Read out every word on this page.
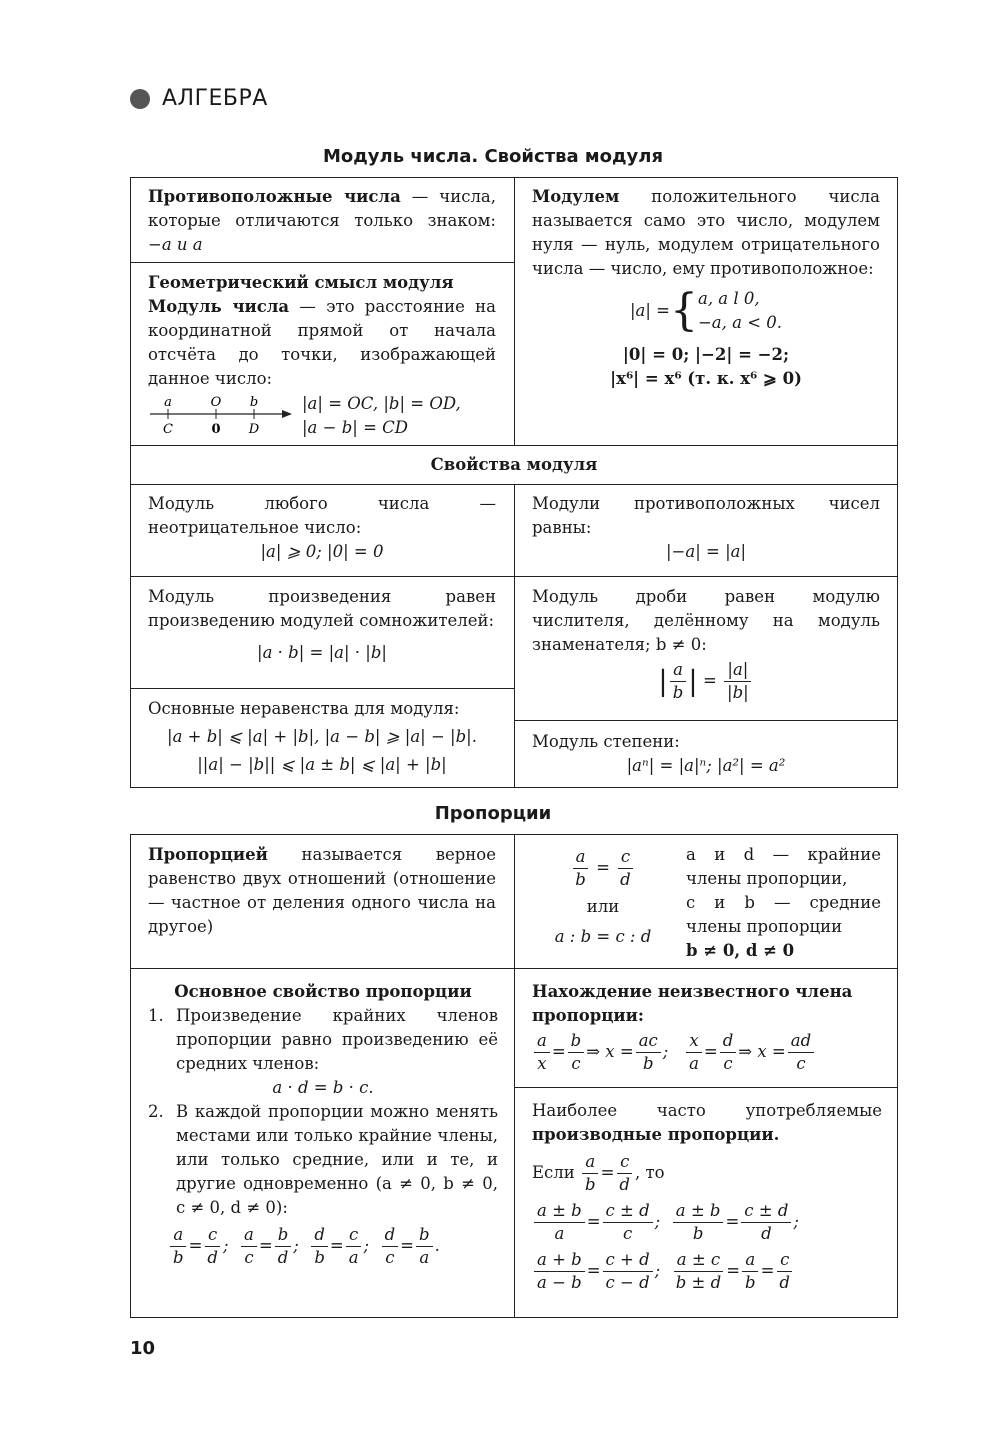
АЛГЕБРА
Модуль числа. Свойства модуля
Противоположные числа — числа, которые отличаются только знаком: −a и a
Геометрический смысл модуля
Модуль числа — это расстояние на координатной прямой от начала отсчёта до точки, изображающей данное число:
a	O b
C	0 D
|a| = OC, |b| = OD,
|a − b| = CD
Модулем положительного числа называется само это число, модулем нуля — нуль, модулем отрицательного числа — число, ему противоположное:
|a| = { a, a l 0,
−a, a < 0.
|0| = 0; |−2| = −2;
|x⁶| = x⁶ (т. к. x⁶ ⩾ 0)
Свойства модуля
Модуль любого числа — неотрицательное число:
|a| ⩾ 0; |0| = 0
Модули противоположных чисел равны:
|−a| = |a|
Модуль произведения равен произведению модулей сомножителей:
|a · b| = |a| · |b|
Модуль дроби равен модулю числителя, делённому на модуль знаменателя; b ≠ 0:
| $\frac{a}{b}$ | = $\frac{|a|}{|b|}$
Основные неравенства для модуля:
|a + b| ⩽ |a| + |b|, |a − b| ⩾ |a| − |b|.
||a| − |b|| ⩽ |a ± b| ⩽ |a| + |b|
Модуль степени:
|aⁿ| = |a|ⁿ; |a²| = a²
Пропорции
Пропорцией называется верное равенство двух отношений (отношение — частное от деления одного числа на другое)
$\frac{a}{b} = \frac{c}{d}$
или
a : b = c : d
a и d — крайние члены пропорции,
c и b — средние члены пропорции
b ≠ 0, d ≠ 0
Основное свойство пропорции
1. Произведение крайних членов пропорции равно произведению её средних членов:
a · d = b · c.
2. В каждой пропорции можно менять местами или только крайние члены, или только средние, или и те, и другие одновременно (a ≠ 0, b ≠ 0, c ≠ 0, d ≠ 0):
$\frac{a}{b} = \frac{c}{d}$ ; $\frac{a}{c} = \frac{b}{d}$ ; $\frac{d}{b} = \frac{c}{a}$ ; $\frac{d}{c} = \frac{b}{a}$ .
Нахождение неизвестного члена пропорции:
$\frac{a}{x} = \frac{b}{c}$ ⇒ $x = \frac{ac}{b}$ ; $\frac{x}{a} = \frac{d}{c}$ ⇒ $x = \frac{ad}{c}$
Наиболее часто употребляемые производные пропорции.
Если $\frac{a}{b} = \frac{c}{d}$ , то
$\frac{a \pm b}{a} = \frac{c \pm d}{c}$ ; $\frac{a \pm b}{b} = \frac{c \pm d}{d}$ ;
$\frac{a + b}{a - b} = \frac{c + d}{c - d}$ ; $\frac{a \pm c}{b \pm d} = \frac{a}{b} = \frac{c}{d}$
10
